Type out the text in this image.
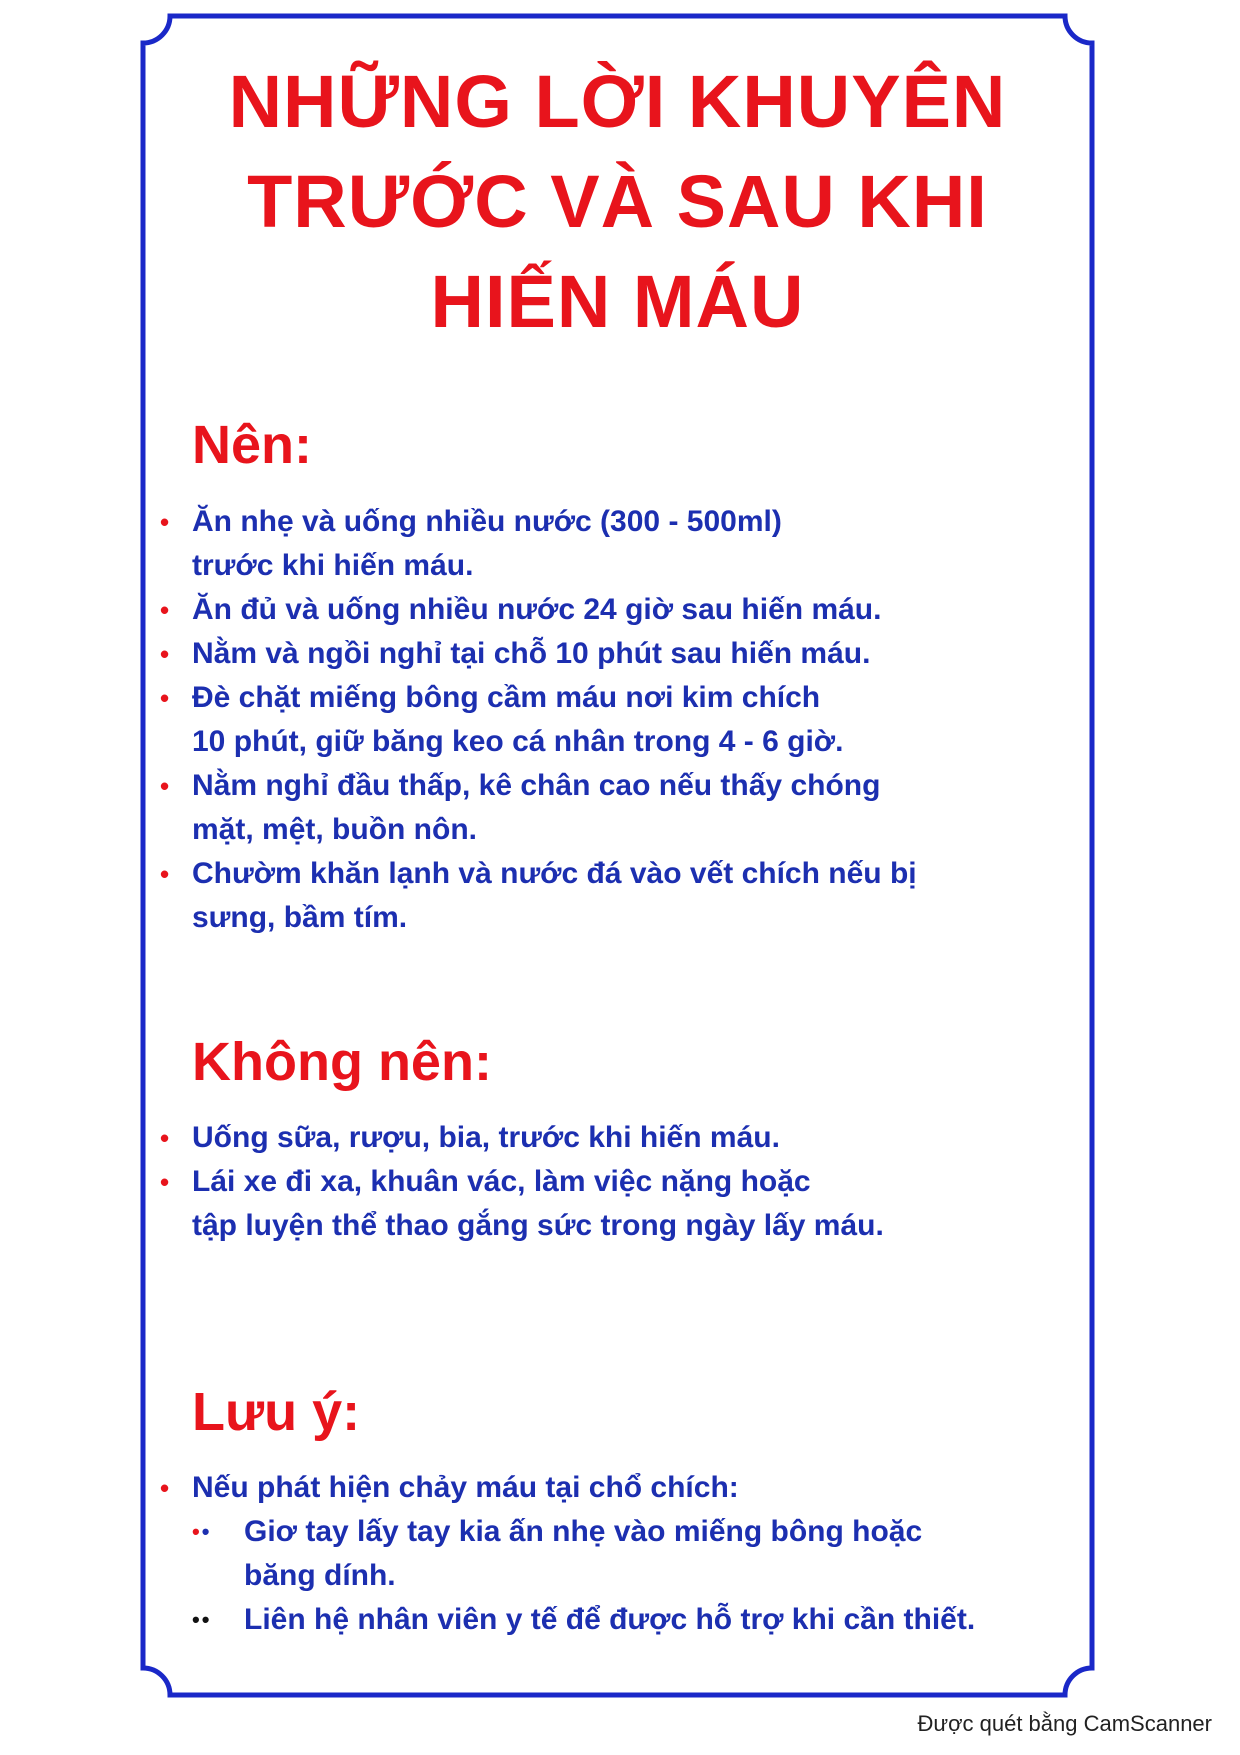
NHỮNG LỜI KHUYÊN
TRƯỚC VÀ SAU KHI
HIẾN MÁU
Nên:
• Ăn nhẹ và uống nhiều nước (300 - 500ml)
trước khi hiến máu.
• Ăn đủ và uống nhiều nước 24 giờ sau hiến máu.
• Nằm và ngồi nghỉ tại chỗ 10 phút sau hiến máu.
• Đè chặt miếng bông cầm máu nơi kim chích
10 phút, giữ băng keo cá nhân trong 4 - 6 giờ.
• Nằm nghỉ đầu thấp, kê chân cao nếu thấy chóng
mặt, mệt, buồn nôn.
• Chườm khăn lạnh và nước đá vào vết chích nếu bị
sưng, bầm tím.
Không nên:
• Uống sữa, rượu, bia, trước khi hiến máu.
• Lái xe đi xa, khuân vác, làm việc nặng hoặc
tập luyện thể thao gắng sức trong ngày lấy máu.
Lưu ý:
• Nếu phát hiện chảy máu tại chổ chích:
•• Giơ tay lấy tay kia ấn nhẹ vào miếng bông hoặc
băng dính.
•• Liên hệ nhân viên y tế để được hỗ trợ khi cần thiết.
Được quét bằng CamScanner
